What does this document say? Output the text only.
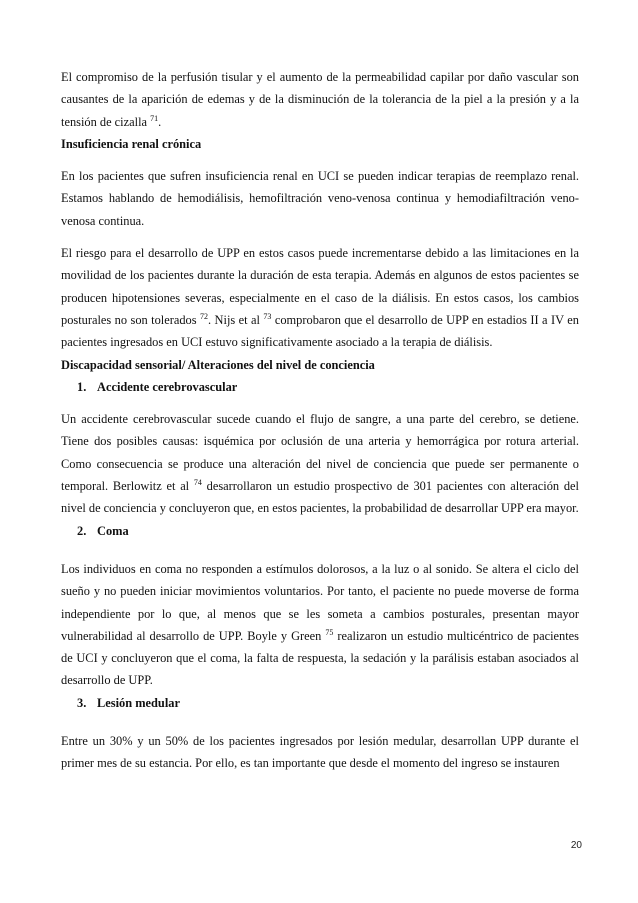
El compromiso de la perfusión tisular y el aumento de la permeabilidad capilar por daño vascular son causantes de la aparición de edemas y de la disminución de la tolerancia de la piel a la presión y a la tensión de cizalla $^{71}$.

Insuficiencia renal crónica

En los pacientes que sufren insuficiencia renal en UCI se pueden indicar terapias de reemplazo renal. Estamos hablando de hemodiálisis, hemofiltración veno-venosa continua y hemodiafiltración veno-venosa continua.

El riesgo para el desarrollo de UPP en estos casos puede incrementarse debido a las limitaciones en la movilidad de los pacientes durante la duración de esta terapia. Además en algunos de estos pacientes se producen hipotensiones severas, especialmente en el caso de la diálisis. En estos casos, los cambios posturales no son tolerados $^{72}$. Nijs et al $^{73}$ comprobaron que el desarrollo de UPP en estadios II a IV en pacientes ingresados en UCI estuvo significativamente asociado a la terapia de diálisis.

Discapacidad sensorial/ Alteraciones del nivel de conciencia

1. Accidente cerebrovascular

Un accidente cerebrovascular sucede cuando el flujo de sangre, a una parte del cerebro, se detiene. Tiene dos posibles causas: isquémica por oclusión de una arteria y hemorrágica por rotura arterial. Como consecuencia se produce una alteración del nivel de conciencia que puede ser permanente o temporal. Berlowitz et al $^{74}$ desarrollaron un estudio prospectivo de 301 pacientes con alteración del nivel de conciencia y concluyeron que, en estos pacientes, la probabilidad de desarrollar UPP era mayor.

2. Coma

Los individuos en coma no responden a estímulos dolorosos, a la luz o al sonido. Se altera el ciclo del sueño y no pueden iniciar movimientos voluntarios. Por tanto, el paciente no puede moverse de forma independiente por lo que, al menos que se les someta a cambios posturales, presentan mayor vulnerabilidad al desarrollo de UPP. Boyle y Green $^{75}$ realizaron un estudio multicéntrico de pacientes de UCI y concluyeron que el coma, la falta de respuesta, la sedación y la parálisis estaban asociados al desarrollo de UPP.

3. Lesión medular

Entre un 30% y un 50% de los pacientes ingresados por lesión medular, desarrollan UPP durante el primer mes de su estancia. Por ello, es tan importante que desde el momento del ingreso se instauren

20
